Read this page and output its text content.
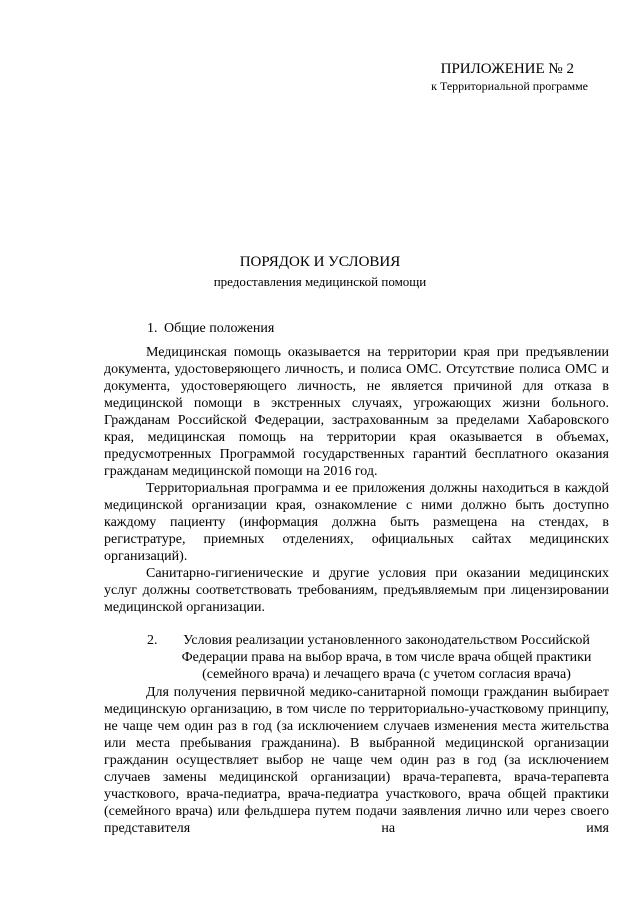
ПРИЛОЖЕНИЕ № 2
к Территориальной программе
ПОРЯДОК И УСЛОВИЯ
предоставления медицинской помощи
1. Общие положения

Медицинская помощь оказывается на территории края при предъявлении документа, удостоверяющего личность, и полиса ОМС. Отсутствие полиса ОМС и документа, удостоверяющего личность, не является причиной для отказа в медицинской помощи в экстренных случаях, угрожающих жизни больного. Гражданам Российской Федерации, застрахованным за пределами Хабаровского края, медицинская помощь на территории края оказывается в объемах, предусмотренных Программой государственных гарантий бесплатного оказания гражданам медицинской помощи на 2016 год.

Территориальная программа и ее приложения должны находиться в каждой медицинской организации края, ознакомление с ними должно быть доступно каждому пациенту (информация должна быть размещена на стендах, в регистратуре, приемных отделениях, официальных сайтах медицинских организаций).

Санитарно-гигиенические и другие условия при оказании медицинских услуг должны соответствовать требованиям, предъявляемым при лицензировании медицинской организации.

2.	Условия реализации установленного законодательством Российской Федерации права на выбор врача, в том числе врача общей практики (семейного врача) и лечащего врача (с учетом согласия врача)

Для получения первичной медико-санитарной помощи гражданин выбирает медицинскую организацию, в том числе по территориально-участковому принципу, не чаще чем один раз в год (за исключением случаев изменения места жительства или места пребывания гражданина). В выбранной медицинской организации гражданин осуществляет выбор не чаще чем один раз в год (за исключением случаев замены медицинской организации) врача-терапевта, врача-терапевта участкового, врача-педиатра, врача-педиатра участкового, врача общей практики (семейного врача) или фельдшера путем подачи заявления лично или через своего представителя на имя
